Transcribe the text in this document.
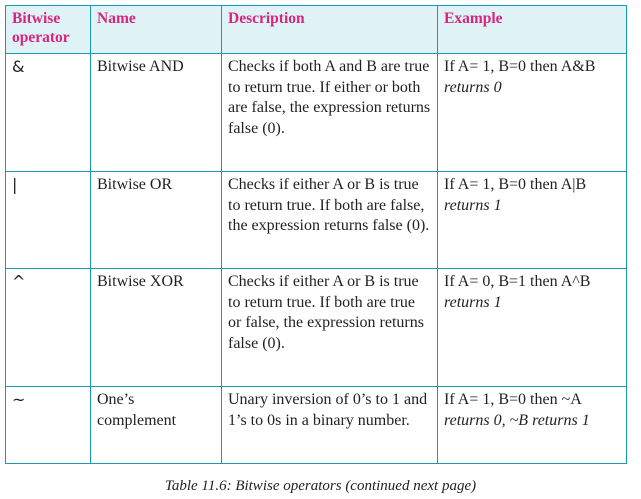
Bitwise operator	Name	Description	Example
&	Bitwise AND	Checks if both A and B are true to return true. If either or both are false, the expression returns false (0).	If A= 1, B=0 then A&B returns 0
|	Bitwise OR	Checks if either A or B is true to return true. If both are false, the expression returns false (0).	If A= 1, B=0 then A|B returns 1
^	Bitwise XOR	Checks if either A or B is true to return true. If both are true or false, the expression returns false (0).	If A= 0, B=1 then A^B returns 1
~	One’s complement	Unary inversion of 0’s to 1 and 1’s to 0s in a binary number.	If A= 1, B=0 then ~A returns 0, ~B returns 1
Table 11.6: Bitwise operators (continued next page)
